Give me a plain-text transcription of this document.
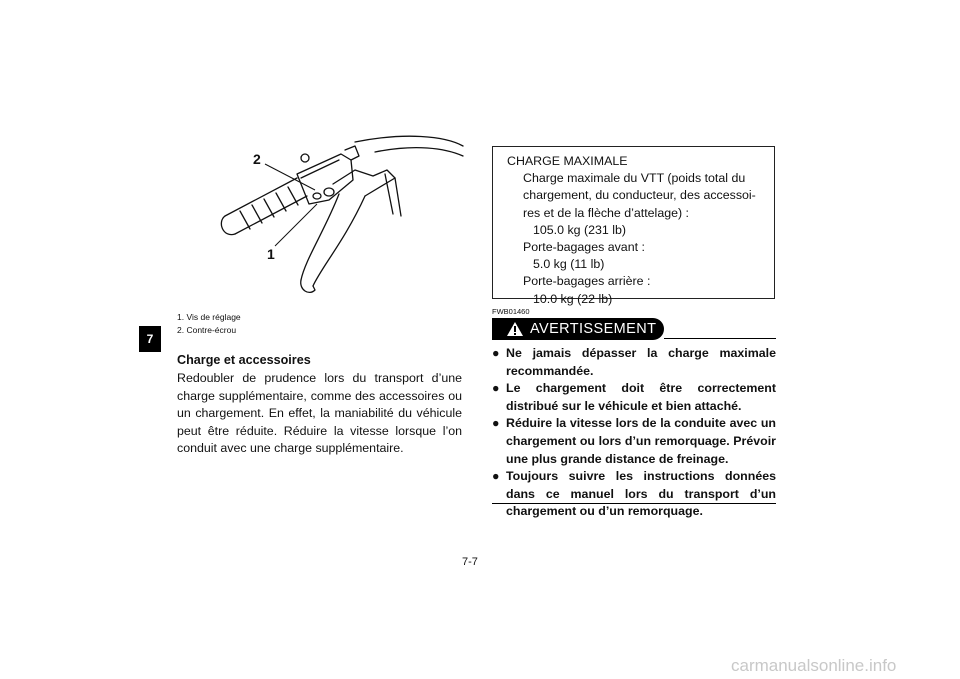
7
2
1
1. Vis de réglage
2. Contre-écrou
Charge et accessoires
Redoubler de prudence lors du transport d’une charge supplémentaire, comme des accessoires ou un chargement. En effet, la maniabilité du véhicule peut être réduite. Réduire la vitesse lorsque l’on conduit avec une charge supplémentaire.
CHARGE MAXIMALE
Charge maximale du VTT (poids total du
chargement, du conducteur, des accessoi-
res et de la flèche d’attelage) :
105.0 kg (231 lb)
Porte-bagages avant :
5.0 kg (11 lb)
Porte-bagages arrière :
10.0 kg (22 lb)
FWB01460
AVERTISSEMENT
● Ne jamais dépasser la charge maximale recommandée.
● Le chargement doit être correctement distribué sur le véhicule et bien attaché.
● Réduire la vitesse lors de la conduite avec un chargement ou lors d’un remorquage. Prévoir une plus grande distance de freinage.
● Toujours suivre les instructions données dans ce manuel lors du transport d’un chargement ou d’un remorquage.
7-7
carmanualsonline.info
